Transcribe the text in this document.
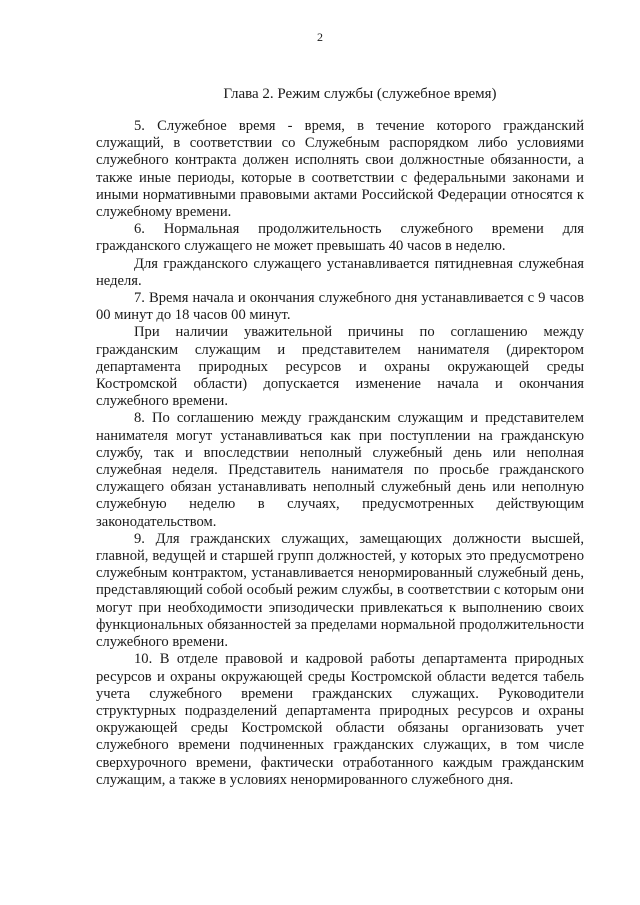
2
Глава 2. Режим службы (служебное время)

5. Служебное время - время, в течение которого гражданский служащий, в соответствии со Служебным распорядком либо условиями служебного контракта должен исполнять свои должностные обязанности, а также иные периоды, которые в соответствии с федеральными законами и иными нормативными правовыми актами Российской Федерации относятся к служебному времени.

6. Нормальная продолжительность служебного времени для гражданского служащего не может превышать 40 часов в неделю.

Для гражданского служащего устанавливается пятидневная служебная неделя.

7. Время начала и окончания служебного дня устанавливается с 9 часов 00 минут до 18 часов 00 минут.

При наличии уважительной причины по соглашению между гражданским служащим и представителем нанимателя (директором департамента природных ресурсов и охраны окружающей среды Костромской области) допускается изменение начала и окончания служебного времени.

8. По соглашению между гражданским служащим и представителем нанимателя могут устанавливаться как при поступлении на гражданскую службу, так и впоследствии неполный служебный день или неполная служебная неделя. Представитель нанимателя по просьбе гражданского служащего обязан устанавливать неполный служебный день или неполную служебную неделю в случаях, предусмотренных действующим законодательством.

9. Для гражданских служащих, замещающих должности высшей, главной, ведущей и старшей групп должностей, у которых это предусмотрено служебным контрактом, устанавливается ненормированный служебный день, представляющий собой особый режим службы, в соответствии с которым они могут при необходимости эпизодически привлекаться к выполнению своих функциональных обязанностей за пределами нормальной продолжительности служебного времени.

10. В отделе правовой и кадровой работы департамента природных ресурсов и охраны окружающей среды Костромской области ведется табель учета служебного времени гражданских служащих. Руководители структурных подразделений департамента природных ресурсов и охраны окружающей среды Костромской области обязаны организовать учет служебного времени подчиненных гражданских служащих, в том числе сверхурочного времени, фактически отработанного каждым гражданским служащим, а также в условиях ненормированного служебного дня.
